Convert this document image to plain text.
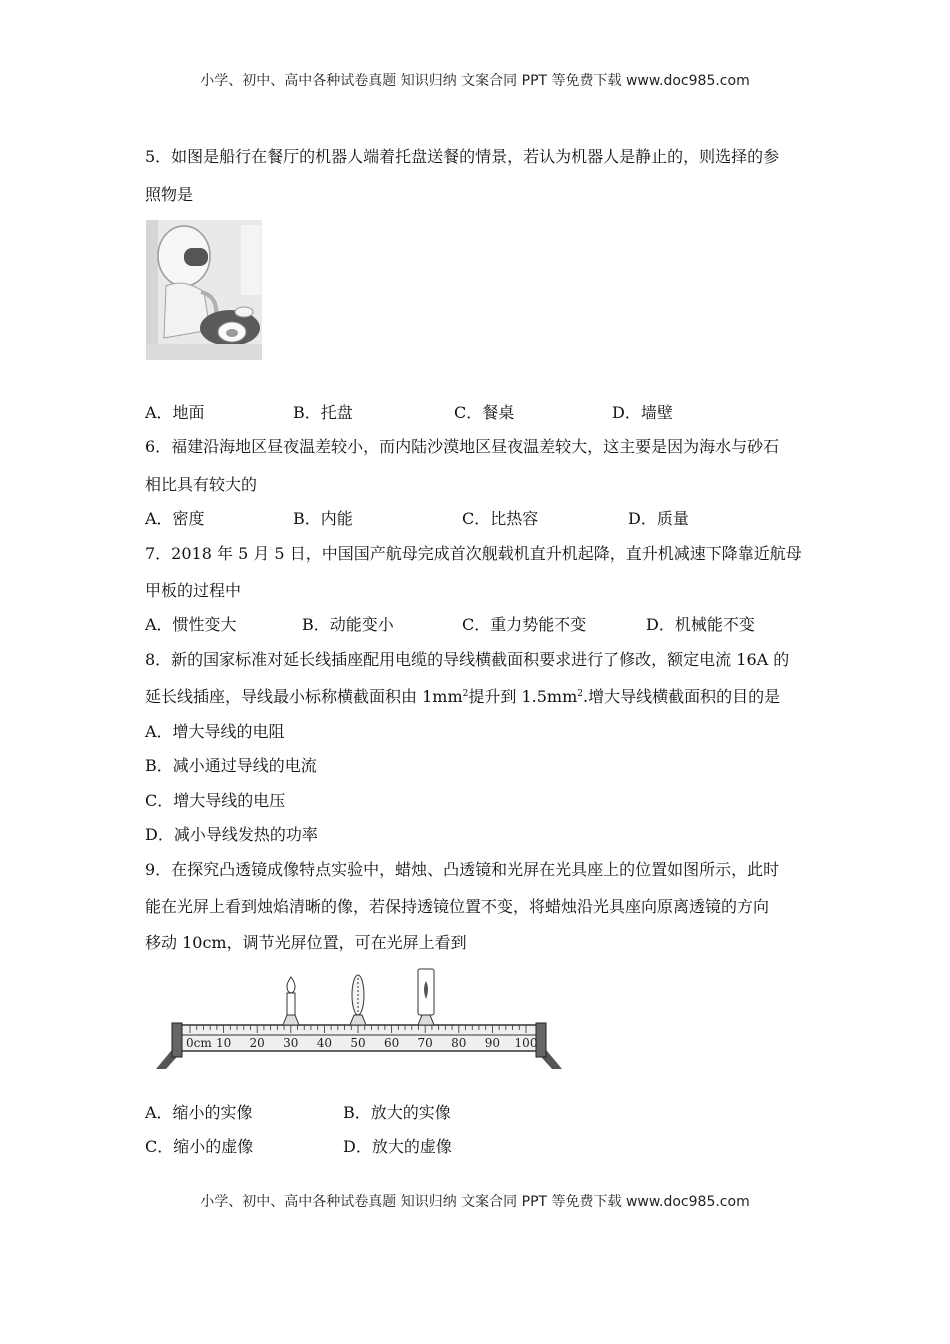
小学、初中、高中各种试卷真题 知识归纳 文案合同 PPT 等免费下载 www.doc985.com
5．如图是船行在餐厅的机器人端着托盘送餐的情景，若认为机器人是静止的，则选择的参
照物是
A．地面	B．托盘	C．餐桌	D．墙壁
6．福建沿海地区昼夜温差较小，而内陆沙漠地区昼夜温差较大，这主要是因为海水与砂石
相比具有较大的
A．密度	B．内能	C．比热容	D．质量
7．2018 年 5 月 5 日，中国国产航母完成首次舰载机直升机起降，直升机减速下降靠近航母
甲板的过程中
A．惯性变大	B．动能变小	C．重力势能不变	D．机械能不变
8．新的国家标准对延长线插座配用电缆的导线横截面积要求进行了修改，额定电流 16A 的
延长线插座，导线最小标称横截面积由 $1mm^2$提升到 $1.5mm^2$.增大导线横截面积的目的是
A．增大导线的电阻
B．减小通过导线的电流
C．增大导线的电压
D．减小导线发热的功率
9．在探究凸透镜成像特点实验中，蜡烛、凸透镜和光屏在光具座上的位置如图所示，此时
能在光屏上看到烛焰清晰的像，若保持透镜位置不变，将蜡烛沿光具座向原离透镜的方向
移动 10cm，调节光屏位置，可在光屏上看到
0cm 10 20 30 40 50 60 70 80 90 100
A．缩小的实像	B．放大的实像
C．缩小的虚像	D．放大的虚像
小学、初中、高中各种试卷真题 知识归纳 文案合同 PPT 等免费下载 www.doc985.com
